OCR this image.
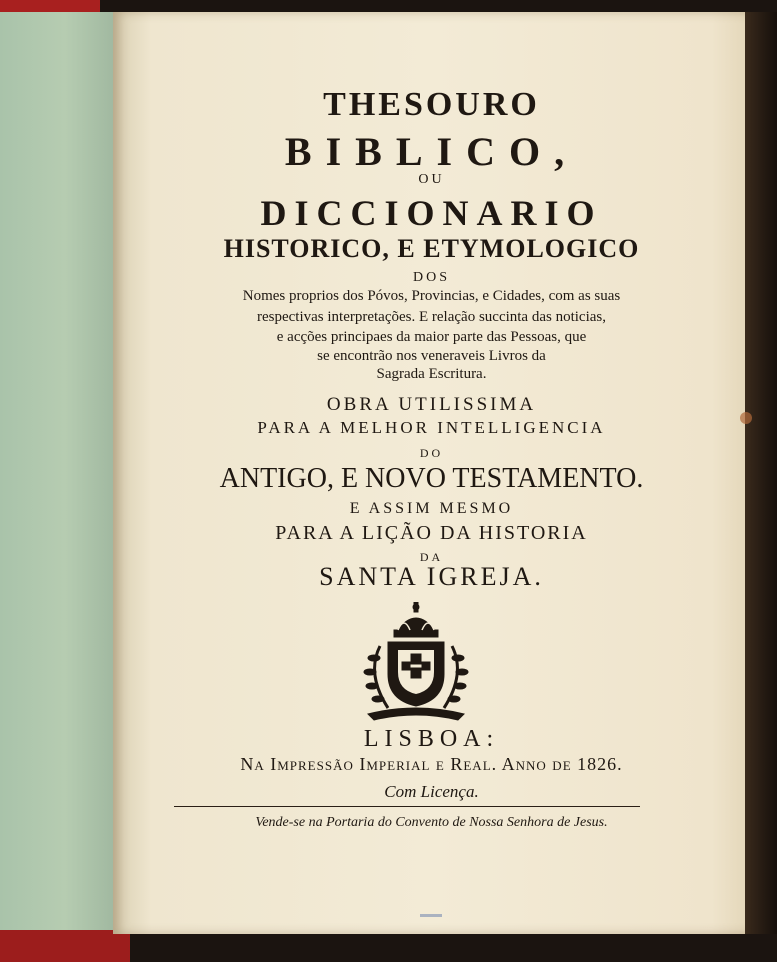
THESOURO
BIBLICO,
OU
DICCIONARIO
HISTORICO, E ETYMOLOGICO
DOS
Nomes proprios dos Póvos, Provincias, e Cidades, com as suas
respectivas interpretações. E relação succinta das noticias,
e acções principaes da maior parte das Pessoas, que
se encontrão nos veneraveis Livros da
Sagrada Escritura.
OBRA UTILISSIMA
PARA A MELHOR INTELLIGENCIA
DO
ANTIGO, E NOVO TESTAMENTO.
E ASSIM MESMO
PARA A LIÇÃO DA HISTORIA
DA
SANTA IGREJA.
LISBOA:
Na Impressão Imperial e Real. Anno de 1826.
Com Licença.
Vende-se na Portaria do Convento de Nossa Senhora de Jesus.
